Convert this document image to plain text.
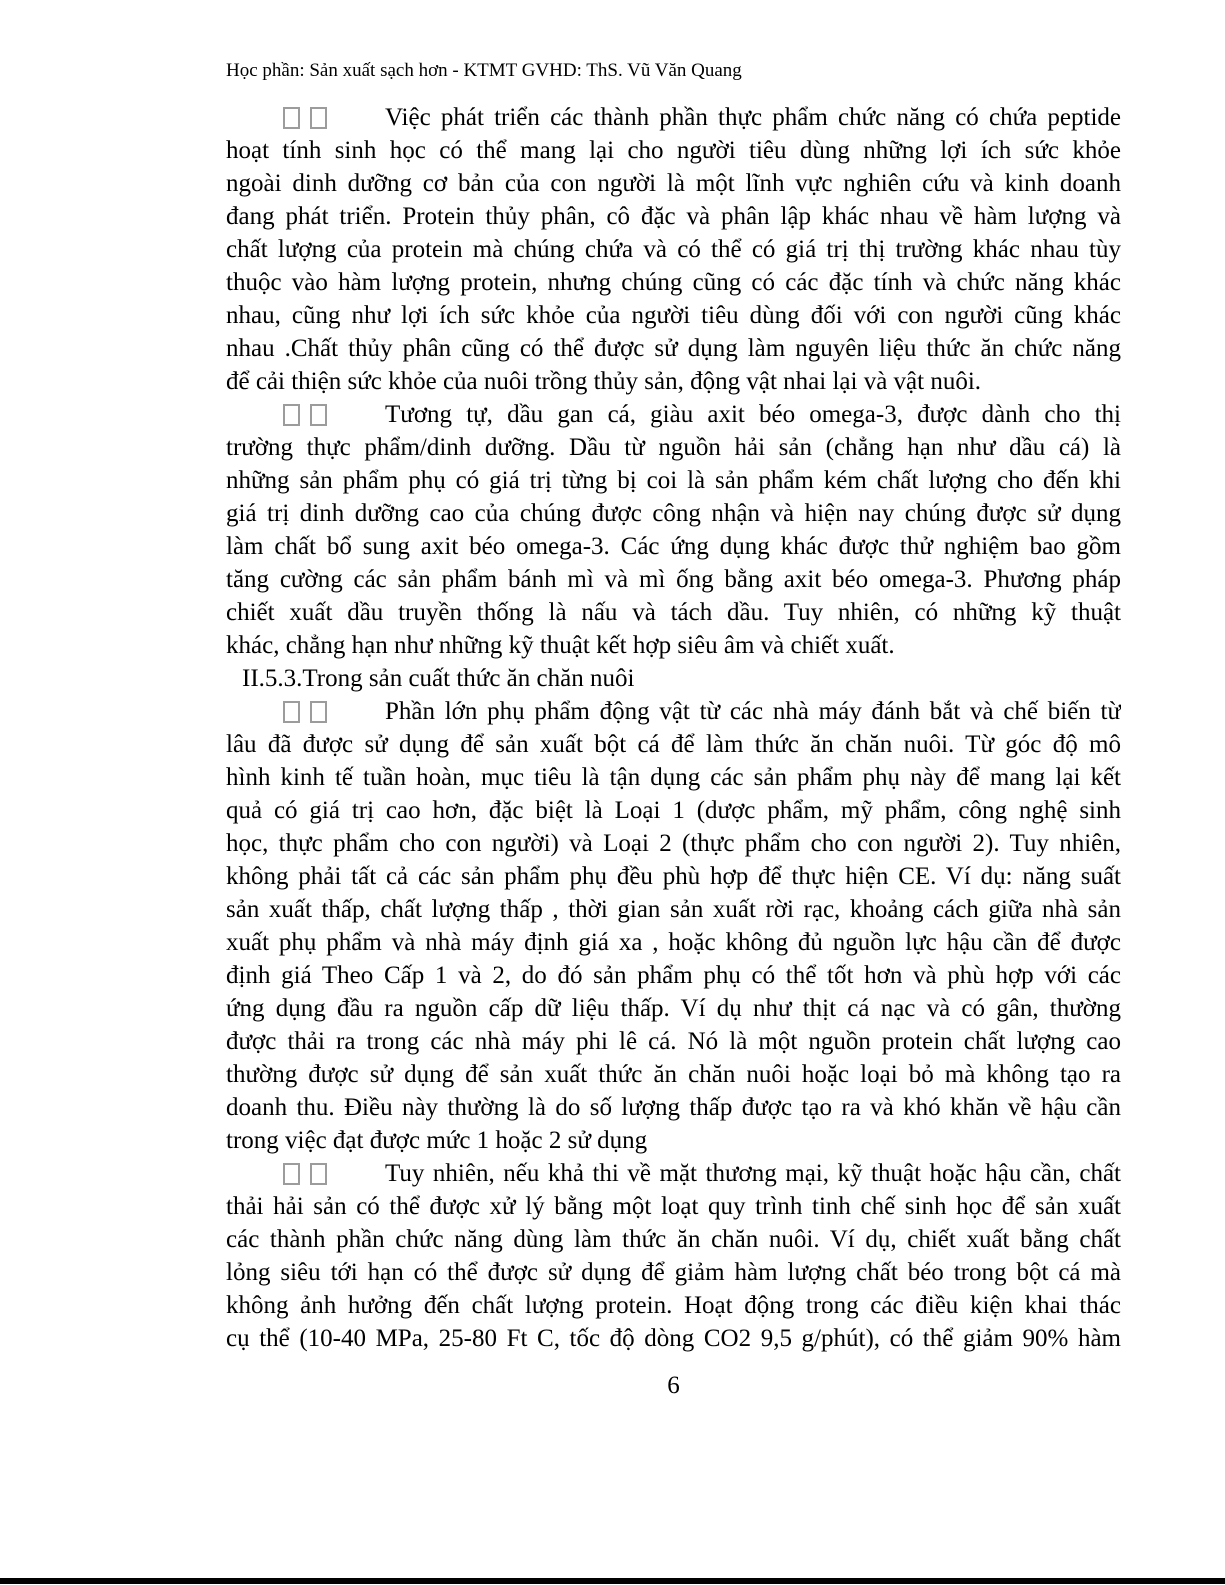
Học phần: Sản xuất sạch hơn - KTMT GVHD: ThS. Vũ Văn Quang
Việc phát triển các thành phần thực phẩm chức năng có chứa peptide
hoạt tính sinh học có thể mang lại cho người tiêu dùng những lợi ích sức khỏe
ngoài dinh dưỡng cơ bản của con người là một lĩnh vực nghiên cứu và kinh doanh
đang phát triển. Protein thủy phân, cô đặc và phân lập khác nhau về hàm lượng và
chất lượng của protein mà chúng chứa và có thể có giá trị thị trường khác nhau tùy
thuộc vào hàm lượng protein, nhưng chúng cũng có các đặc tính và chức năng khác
nhau, cũng như lợi ích sức khỏe của người tiêu dùng đối với con người cũng khác
nhau .Chất thủy phân cũng có thể được sử dụng làm nguyên liệu thức ăn chức năng
để cải thiện sức khỏe của nuôi trồng thủy sản, động vật nhai lại và vật nuôi.
Tương tự, dầu gan cá, giàu axit béo omega-3, được dành cho thị
trường thực phẩm/dinh dưỡng. Dầu từ nguồn hải sản (chẳng hạn như dầu cá) là
những sản phẩm phụ có giá trị từng bị coi là sản phẩm kém chất lượng cho đến khi
giá trị dinh dưỡng cao của chúng được công nhận và hiện nay chúng được sử dụng
làm chất bổ sung axit béo omega-3. Các ứng dụng khác được thử nghiệm bao gồm
tăng cường các sản phẩm bánh mì và mì ống bằng axit béo omega-3. Phương pháp
chiết xuất dầu truyền thống là nấu và tách dầu. Tuy nhiên, có những kỹ thuật
khác, chẳng hạn như những kỹ thuật kết hợp siêu âm và chiết xuất.
II.5.3.Trong sản cuất thức ăn chăn nuôi
Phần lớn phụ phẩm động vật từ các nhà máy đánh bắt và chế biến từ
lâu đã được sử dụng để sản xuất bột cá để làm thức ăn chăn nuôi. Từ góc độ mô
hình kinh tế tuần hoàn, mục tiêu là tận dụng các sản phẩm phụ này để mang lại kết
quả có giá trị cao hơn, đặc biệt là Loại 1 (dược phẩm, mỹ phẩm, công nghệ sinh
học, thực phẩm cho con người) và Loại 2 (thực phẩm cho con người 2). Tuy nhiên,
không phải tất cả các sản phẩm phụ đều phù hợp để thực hiện CE. Ví dụ: năng suất
sản xuất thấp, chất lượng thấp , thời gian sản xuất rời rạc, khoảng cách giữa nhà sản
xuất phụ phẩm và nhà máy định giá xa , hoặc không đủ nguồn lực hậu cần để được
định giá Theo Cấp 1 và 2, do đó sản phẩm phụ có thể tốt hơn và phù hợp với các
ứng dụng đầu ra nguồn cấp dữ liệu thấp. Ví dụ như thịt cá nạc và có gân, thường
được thải ra trong các nhà máy phi lê cá. Nó là một nguồn protein chất lượng cao
thường được sử dụng để sản xuất thức ăn chăn nuôi hoặc loại bỏ mà không tạo ra
doanh thu. Điều này thường là do số lượng thấp được tạo ra và khó khăn về hậu cần
trong việc đạt được mức 1 hoặc 2 sử dụng
Tuy nhiên, nếu khả thi về mặt thương mại, kỹ thuật hoặc hậu cần, chất
thải hải sản có thể được xử lý bằng một loạt quy trình tinh chế sinh học để sản xuất
các thành phần chức năng dùng làm thức ăn chăn nuôi. Ví dụ, chiết xuất bằng chất
lỏng siêu tới hạn có thể được sử dụng để giảm hàm lượng chất béo trong bột cá mà
không ảnh hưởng đến chất lượng protein. Hoạt động trong các điều kiện khai thác
cụ thể (10-40 MPa, 25-80 Ft C, tốc độ dòng CO2 9,5 g/phút), có thể giảm 90% hàm
6
